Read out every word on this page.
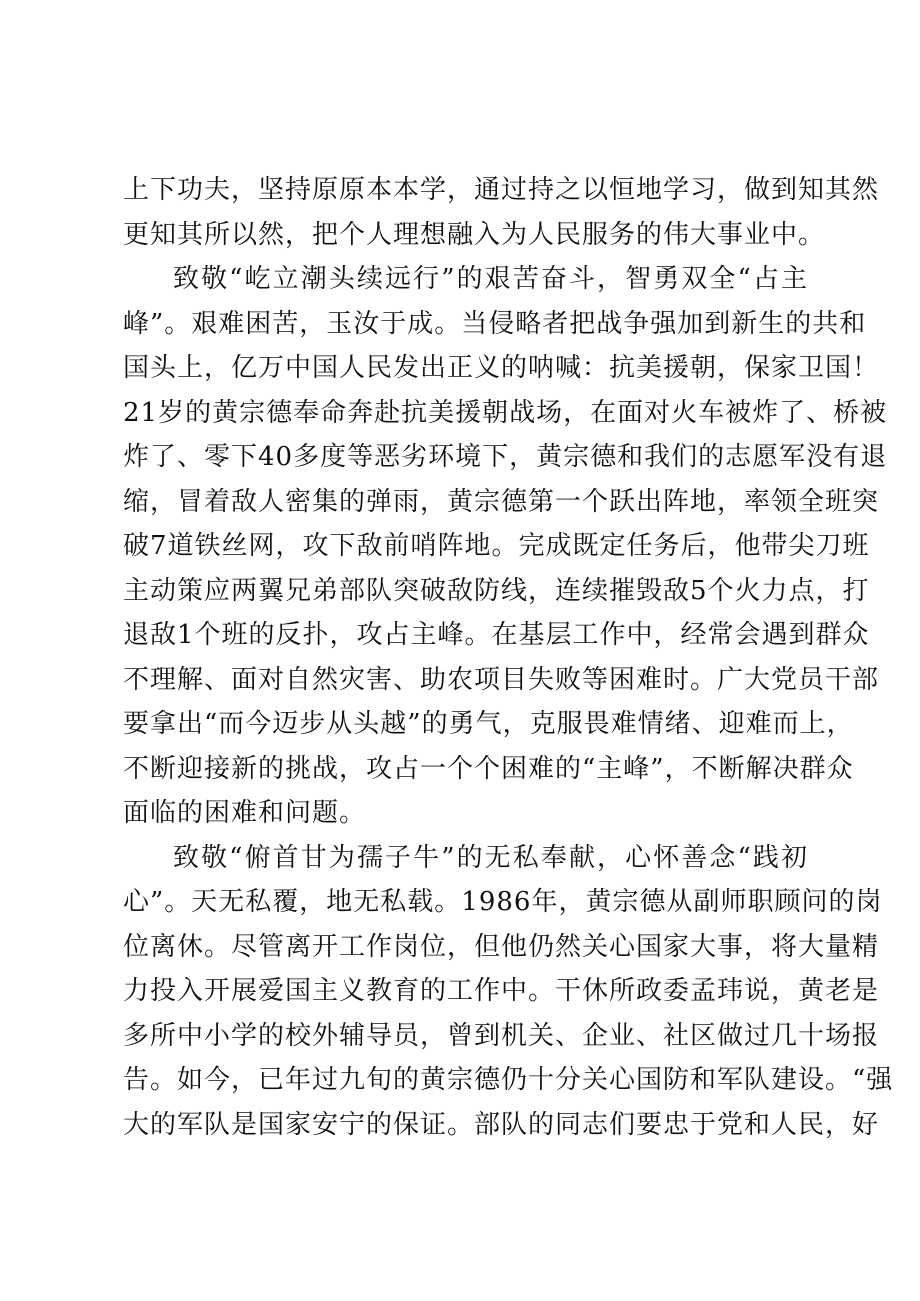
上下功夫，坚持原原本本学，通过持之以恒地学习，做到知其然
更知其所以然，把个人理想融入为人民服务的伟大事业中。
致敬“屹立潮头续远行”的艰苦奋斗，智勇双全“占主
峰”。艰难困苦，玉汝于成。当侵略者把战争强加到新生的共和
国头上，亿万中国人民发出正义的呐喊：抗美援朝，保家卫国！
21岁的黄宗德奉命奔赴抗美援朝战场，在面对火车被炸了、桥被
炸了、零下40多度等恶劣环境下，黄宗德和我们的志愿军没有退
缩，冒着敌人密集的弹雨，黄宗德第一个跃出阵地，率领全班突
破7道铁丝网，攻下敌前哨阵地。完成既定任务后，他带尖刀班
主动策应两翼兄弟部队突破敌防线，连续摧毁敌5个火力点，打
退敌1个班的反扑，攻占主峰。在基层工作中，经常会遇到群众
不理解、面对自然灾害、助农项目失败等困难时。广大党员干部
要拿出“而今迈步从头越”的勇气，克服畏难情绪、迎难而上，
不断迎接新的挑战，攻占一个个困难的“主峰”，不断解决群众
面临的困难和问题。
致敬“俯首甘为孺子牛”的无私奉献，心怀善念“践初
心”。天无私覆，地无私载。1986年，黄宗德从副师职顾问的岗
位离休。尽管离开工作岗位，但他仍然关心国家大事，将大量精
力投入开展爱国主义教育的工作中。干休所政委孟玮说，黄老是
多所中小学的校外辅导员，曾到机关、企业、社区做过几十场报
告。如今，已年过九旬的黄宗德仍十分关心国防和军队建设。“强
大的军队是国家安宁的保证。部队的同志们要忠于党和人民，好
